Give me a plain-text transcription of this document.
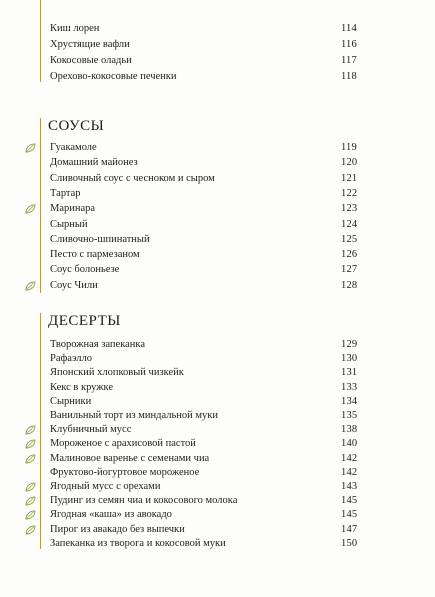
Киш лорен	114
Хрустящие вафли	116
Кокосовые оладьи	117
Орехово-кокосовые печенки	118
СОУСЫ
Гуакамоле	119
Домашний майонез	120
Сливочный соус с чесноком и сыром	121
Тартар	122
Маринара	123
Сырный	124
Сливочно-шпинатный	125
Песто с пармезаном	126
Соус болоньезе	127
Соус Чили	128
ДЕСЕРТЫ
Творожная запеканка	129
Рафаэлло	130
Японский хлопковый чизкейк	131
Кекс в кружке	133
Сырники	134
Ванильный торт из миндальной муки	135
Клубничный мусс	138
Мороженое с арахисовой пастой	140
Малиновое варенье с семенами чиа	142
Фруктово-йогуртовое мороженое	142
Ягодный мусс с орехами	143
Пудинг из семян чиа и кокосового молока	145
Ягодная «каша» из авокадо	145
Пирог из авакадо без выпечки	147
Запеканка из творога и кокосовой муки	150
